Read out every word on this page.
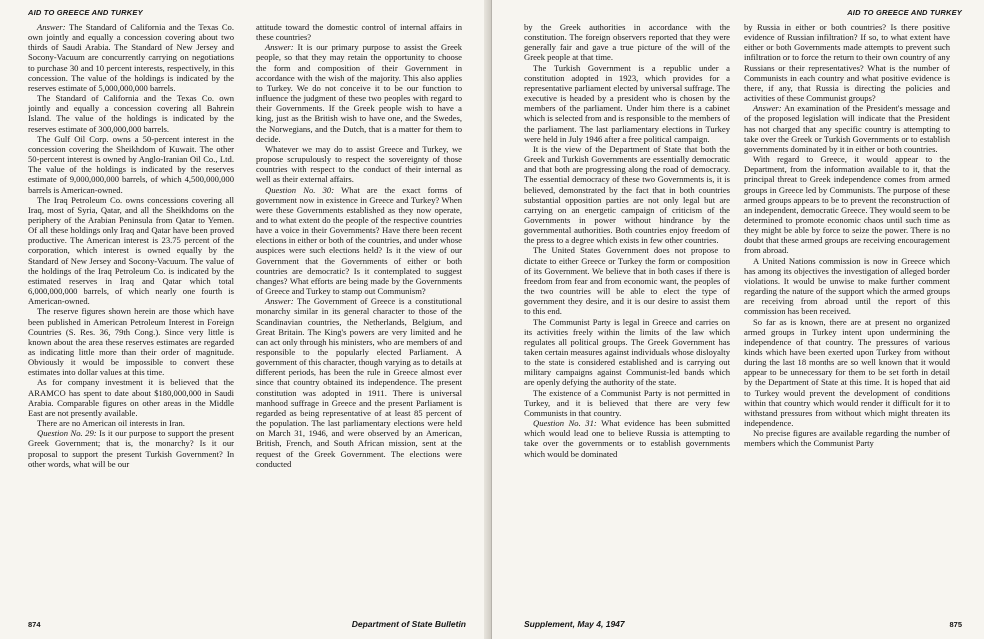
AID TO GREECE AND TURKEY

Answer: The Standard of California and the Texas Co. own jointly and equally a concession covering about two thirds of Saudi Arabia. The Standard of New Jersey and Socony-Vacuum are concurrently carrying on negotiations to purchase 30 and 10 percent interests, respectively, in this concession. The value of the holdings is indicated by the reserves estimate of 5,000,000,000 barrels.

The Standard of California and the Texas Co. own jointly and equally a concession covering all Bahrein Island. The value of the holdings is indicated by the reserves estimate of 300,000,000 barrels.

The Gulf Oil Corp. owns a 50-percent interest in the concession covering the Sheikhdom of Kuwait. The other 50-percent interest is owned by Anglo-Iranian Oil Co., Ltd. The value of the holdings is indicated by the reserves estimate of 9,000,000,000 barrels, of which 4,500,000,000 barrels is American-owned.

The Iraq Petroleum Co. owns concessions covering all Iraq, most of Syria, Qatar, and all the Sheikhdoms on the periphery of the Arabian Peninsula from Qatar to Yemen. Of all these holdings only Iraq and Qatar have been proved productive. The American interest is 23.75 percent of the corporation, which interest is owned equally by the Standard of New Jersey and Socony-Vacuum. The value of the holdings of the Iraq Petroleum Co. is indicated by the estimated reserves in Iraq and Qatar which total 6,000,000,000 barrels, of which nearly one fourth is American-owned.

The reserve figures shown herein are those which have been published in American Petroleum Interest in Foreign Countries (S. Res. 36, 79th Cong.). Since very little is known about the area these reserves estimates are regarded as indicating little more than their order of magnitude. Obviously it would be impossible to convert these estimates into dollar values at this time.

As for company investment it is believed that the ARAMCO has spent to date about $180,000,000 in Saudi Arabia. Comparable figures on other areas in the Middle East are not presently available.

There are no American oil interests in Iran.

Question No. 29: Is it our purpose to support the present Greek Government; that is, the monarchy? Is it our proposal to support the present Turkish Government? In other words, what will be our

attitude toward the domestic control of internal affairs in these countries?

Answer: It is our primary purpose to assist the Greek people, so that they may retain the opportunity to choose the form and composition of their Government in accordance with the wish of the majority. This also applies to Turkey. We do not conceive it to be our function to influence the judgment of these two peoples with regard to their Governments. If the Greek people wish to have a king, just as the British wish to have one, and the Swedes, the Norwegians, and the Dutch, that is a matter for them to decide.

Whatever we may do to assist Greece and Turkey, we propose scrupulously to respect the sovereignty of those countries with respect to the conduct of their internal as well as their external affairs.

Question No. 30: What are the exact forms of government now in existence in Greece and Turkey? When were these Governments established as they now operate, and to what extent do the people of the respective countries have a voice in their Governments? Have there been recent elections in either or both of the countries, and under whose auspices were such elections held? Is it the view of our Government that the Governments of either or both countries are democratic? Is it contemplated to suggest changes? What efforts are being made by the Governments of Greece and Turkey to stamp out Communism?

Answer: The Government of Greece is a constitutional monarchy similar in its general character to those of the Scandinavian countries, the Netherlands, Belgium, and Great Britain. The King's powers are very limited and he can act only through his ministers, who are members of and responsible to the popularly elected Parliament. A government of this character, though varying as to details at different periods, has been the rule in Greece almost ever since that country obtained its independence. The present constitution was adopted in 1911. There is universal manhood suffrage in Greece and the present Parliament is regarded as being representative of at least 85 percent of the population. The last parliamentary elections were held on March 31, 1946, and were observed by an American, British, French, and South African mission, sent at the request of the Greek Government. The elections were conducted

874	Department of State Bulletin
AID TO GREECE AND TURKEY

by the Greek authorities in accordance with the constitution. The foreign observers reported that they were generally fair and gave a true picture of the will of the Greek people at that time.

The Turkish Government is a republic under a constitution adopted in 1923, which provides for a representative parliament elected by universal suffrage. The executive is headed by a president who is chosen by the members of the parliament. Under him there is a cabinet which is selected from and is responsible to the members of the parliament. The last parliamentary elections in Turkey were held in July 1946 after a free political campaign.

It is the view of the Department of State that both the Greek and Turkish Governments are essentially democratic and that both are progressing along the road of democracy. The essential democracy of these two Governments is, it is believed, demonstrated by the fact that in both countries substantial opposition parties are not only legal but are carrying on an energetic campaign of criticism of the Governments in power without hindrance by the governmental authorities. Both countries enjoy freedom of the press to a degree which exists in few other countries.

The United States Government does not propose to dictate to either Greece or Turkey the form or composition of its Government. We believe that in both cases if there is freedom from fear and from economic want, the peoples of the two countries will be able to elect the type of government they desire, and it is our desire to assist them to this end.

The Communist Party is legal in Greece and carries on its activities freely within the limits of the law which regulates all political groups. The Greek Government has taken certain measures against individuals whose disloyalty to the state is considered established and is carrying out military campaigns against Communist-led bands which are openly defying the authority of the state.

The existence of a Communist Party is not permitted in Turkey, and it is believed that there are very few Communists in that country.

Question No. 31: What evidence has been submitted which would lead one to believe Russia is attempting to take over the governments or to establish governments which would be dominated

by Russia in either or both countries? Is there positive evidence of Russian infiltration? If so, to what extent have either or both Governments made attempts to prevent such infiltration or to force the return to their own country of any Russians or their representatives? What is the number of Communists in each country and what positive evidence is there, if any, that Russia is directing the policies and activities of these Communist groups?

Answer: An examination of the President's message and of the proposed legislation will indicate that the President has not charged that any specific country is attempting to take over the Greek or Turkish Governments or to establish governments dominated by it in either or both countries.

With regard to Greece, it would appear to the Department, from the information available to it, that the principal threat to Greek independence comes from armed groups in Greece led by Communists. The purpose of these armed groups appears to be to prevent the reconstruction of an independent, democratic Greece. They would seem to be determined to promote economic chaos until such time as they might be able by force to seize the power. There is no doubt that these armed groups are receiving encouragement from abroad.

A United Nations commission is now in Greece which has among its objectives the investigation of alleged border violations. It would be unwise to make further comment regarding the nature of the support which the armed groups are receiving from abroad until the report of this commission has been received.

So far as is known, there are at present no organized armed groups in Turkey intent upon undermining the independence of that country. The pressures of various kinds which have been exerted upon Turkey from without during the last 18 months are so well known that it would appear to be unnecessary for them to be set forth in detail by the Department of State at this time. It is hoped that aid to Turkey would prevent the development of conditions within that country which would render it difficult for it to withstand pressures from without which might threaten its independence.

No precise figures are available regarding the number of members which the Communist Party

Supplement, May 4, 1947	875
